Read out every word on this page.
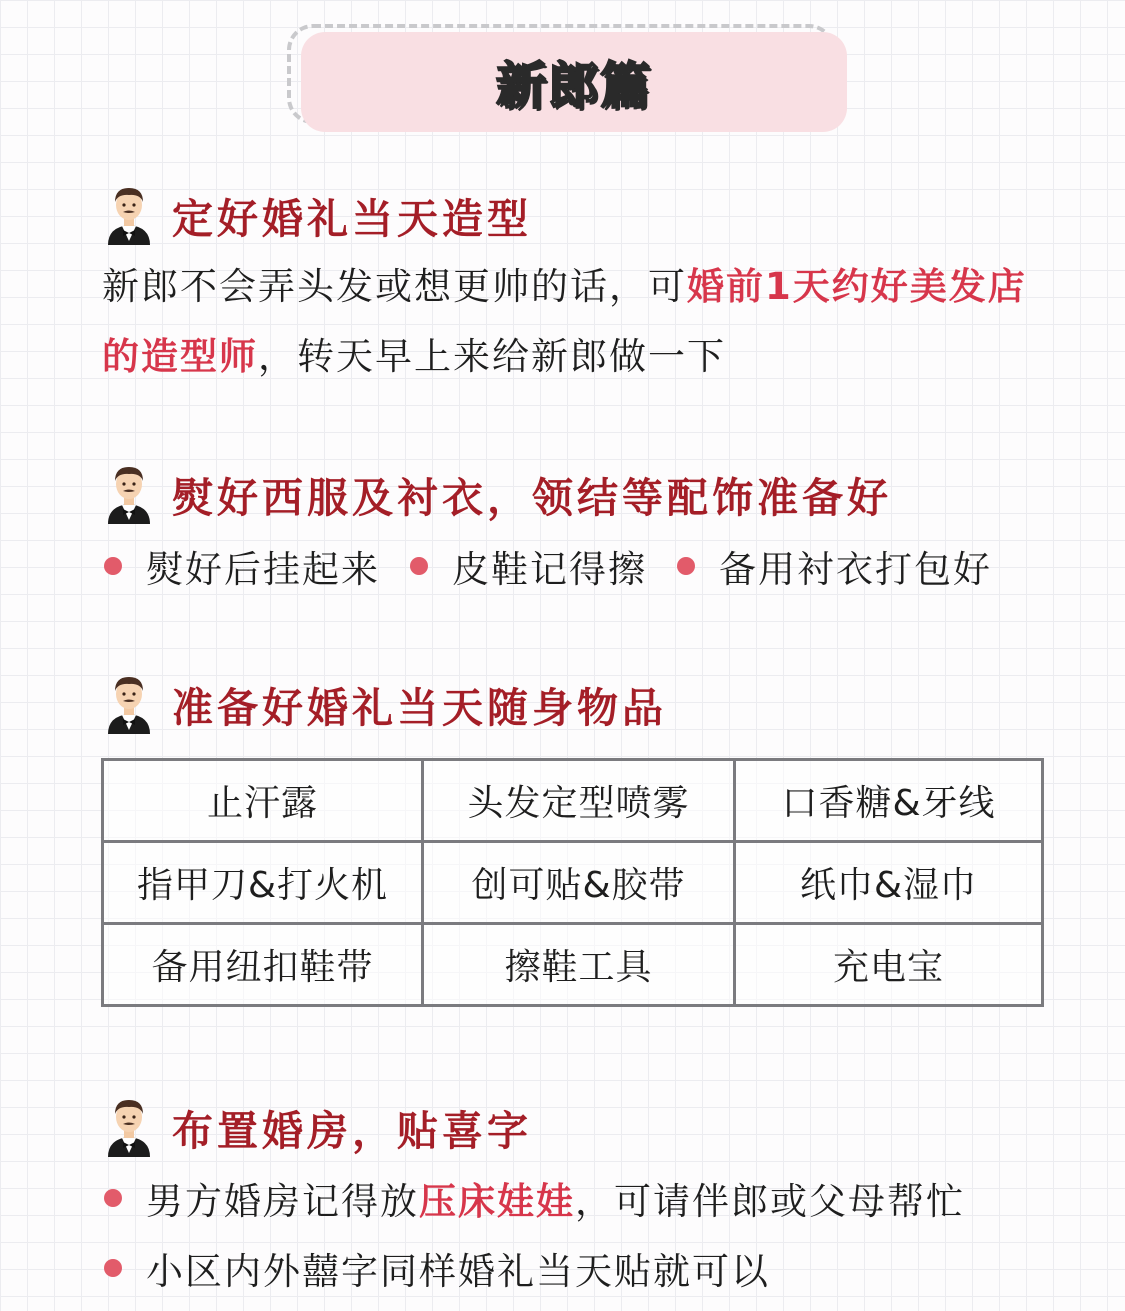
新郎篇
定好婚礼当天造型
新郎不会弄头发或想更帅的话，可婚前1天约好美发店的造型师，转天早上来给新郎做一下
熨好西服及衬衣，领结等配饰准备好
熨好后挂起来 皮鞋记得擦 备用衬衣打包好
准备好婚礼当天随身物品
止汗露	头发定型喷雾	口香糖&牙线
指甲刀&打火机	创可贴&胶带	纸巾&湿巾
备用纽扣鞋带	擦鞋工具	充电宝
布置婚房，贴喜字
男方婚房记得放 压床娃娃 ，可请伴郎或父母帮忙
小区内外囍字同样婚礼当天贴就可以
